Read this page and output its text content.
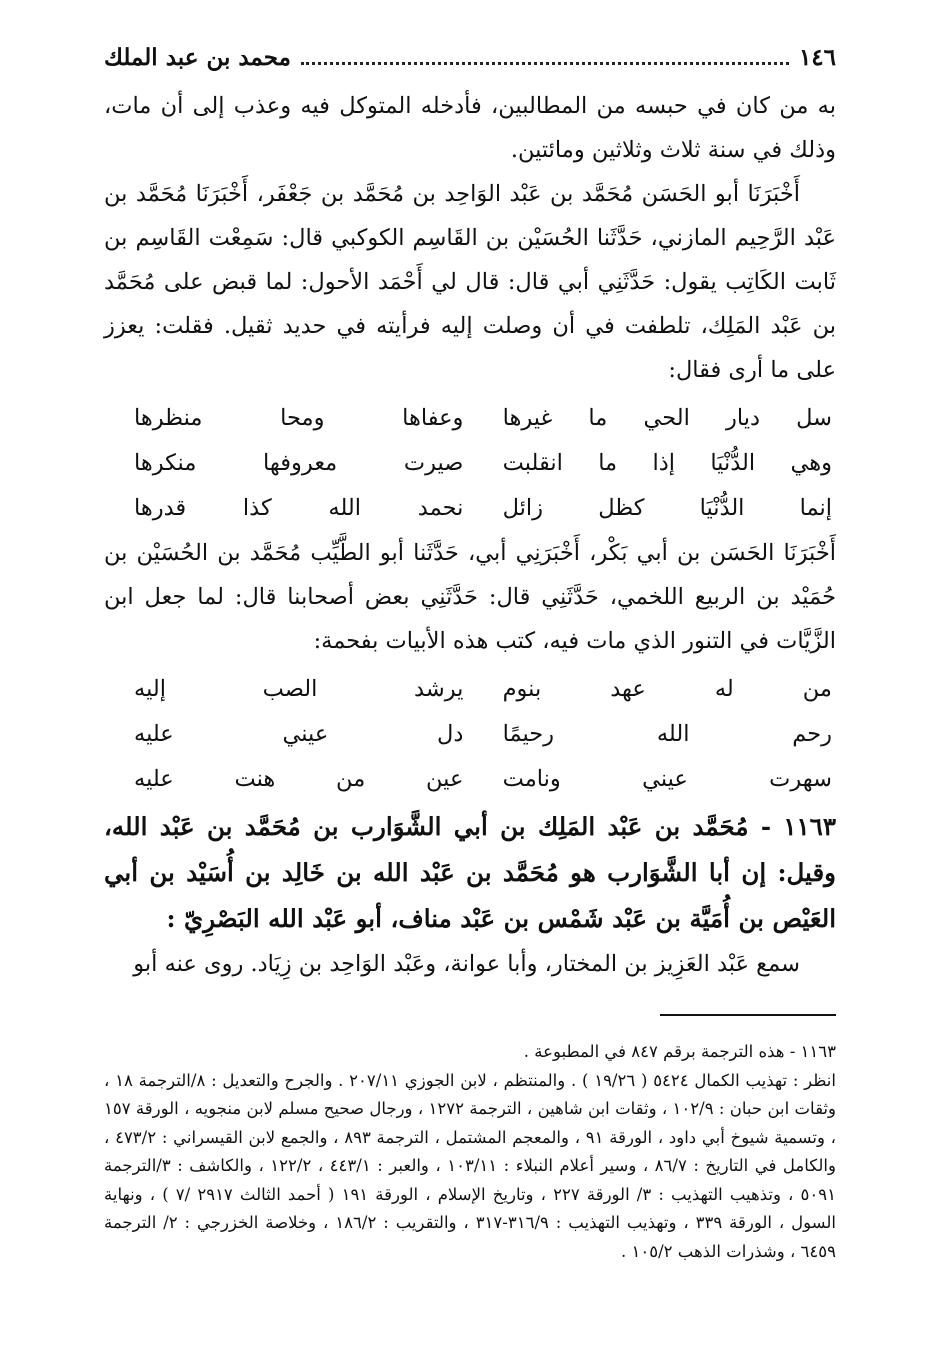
١٤٦
محمد بن عبد الملك

به من كان في حبسه من المطالبين، فأدخله المتوكل فيه وعذب إلى أن مات، وذلك في سنة ثلاث وثلاثين ومائتين.

أَخْبَرَنَا أبو الحَسَن مُحَمَّد بن عَبْد الوَاحِد بن مُحَمَّد بن جَعْفَر، أَخْبَرَنَا مُحَمَّد بن عَبْد الرَّحِيم المازني، حَدَّثَنا الحُسَيْن بن القَاسِم الكوكبي قال: سَمِعْت القَاسِم بن ثَابت الكَاتِب يقول: حَدَّثَنِي أبي قال: قال لي أَحْمَد الأحول: لما قبض على مُحَمَّد بن عَبْد المَلِك، تلطفت في أن وصلت إليه فرأيته في حديد ثقيل. فقلت: يعزز على ما أرى فقال:

سل ديار الحي ما غيرها
وعفاها ومحا منظرها
وهي الدُّنْيَا إذا ما انقلبت
صيرت معروفها منكرها
إنما الدُّنْيَا كظل زائل
نحمد الله كذا قدرها

أَخْبَرَنَا الحَسَن بن أبي بَكْر، أَخْبَرَنِي أبي، حَدَّثَنا أبو الطَّيِّب مُحَمَّد بن الحُسَيْن بن حُمَيْد بن الربيع اللخمي، حَدَّثَنِي قال: حَدَّثَنِي بعض أصحابنا قال: لما جعل ابن الزَّيَّات في التنور الذي مات فيه، كتب هذه الأبيات بفحمة:

من له عهد بنوم
يرشد الصب إليه
رحم الله رحيمًا
دل عيني عليه
سهرت عيني ونامت
عين من هنت عليه

١١٦٣ - مُحَمَّد بن عَبْد المَلِك بن أبي الشَّوَارب بن مُحَمَّد بن عَبْد الله، وقيل: إن أبا الشَّوَارب هو مُحَمَّد بن عَبْد الله بن خَالِد بن أُسَيْد بن أبي العَيْص بن أُمَيَّة بن عَبْد شَمْس بن عَبْد مناف، أبو عَبْد الله البَصْرِيّ :

سمع عَبْد العَزِيز بن المختار، وأبا عوانة، وعَبْد الوَاحِد بن زِيَاد. روى عنه أبو

١١٦٣ - هذه الترجمة برقم ٨٤٧ في المطبوعة .

انظر : تهذيب الكمال ٥٤٢٤ ( ١٩/٢٦ ) . والمنتظم ، لابن الجوزي ٢٠٧/١١ . والجرح والتعديل : ٨/الترجمة ١٨ ، وثقات ابن حبان : ١٠٢/٩ ، وثقات ابن شاهين ، الترجمة ١٢٧٢ ، ورجال صحيح مسلم لابن منجويه ، الورقة ١٥٧ ، وتسمية شيوخ أبي داود ، الورقة ٩١ ، والمعجم المشتمل ، الترجمة ٨٩٣ ، والجمع لابن القيسراني : ٤٧٣/٢ ، والكامل في التاريخ : ٨٦/٧ ، وسير أعلام النبلاء : ١٠٣/١١ ، والعبر : ٤٤٣/١ ، ١٢٢/٢ ، والكاشف : ٣/الترجمة ٥٠٩١ ، وتذهيب التهذيب : ٣/ الورقة ٢٢٧ ، وتاريخ الإسلام ، الورقة ١٩١ ( أحمد الثالث ٢٩١٧ /٧ ) ، ونهاية السول ، الورقة ٣٣٩ ، وتهذيب التهذيب : ٣١٦/٩-٣١٧ ، والتقريب : ١٨٦/٢ ، وخلاصة الخزرجي : ٢/ الترجمة ٦٤٥٩ ، وشذرات الذهب ١٠٥/٢ .
